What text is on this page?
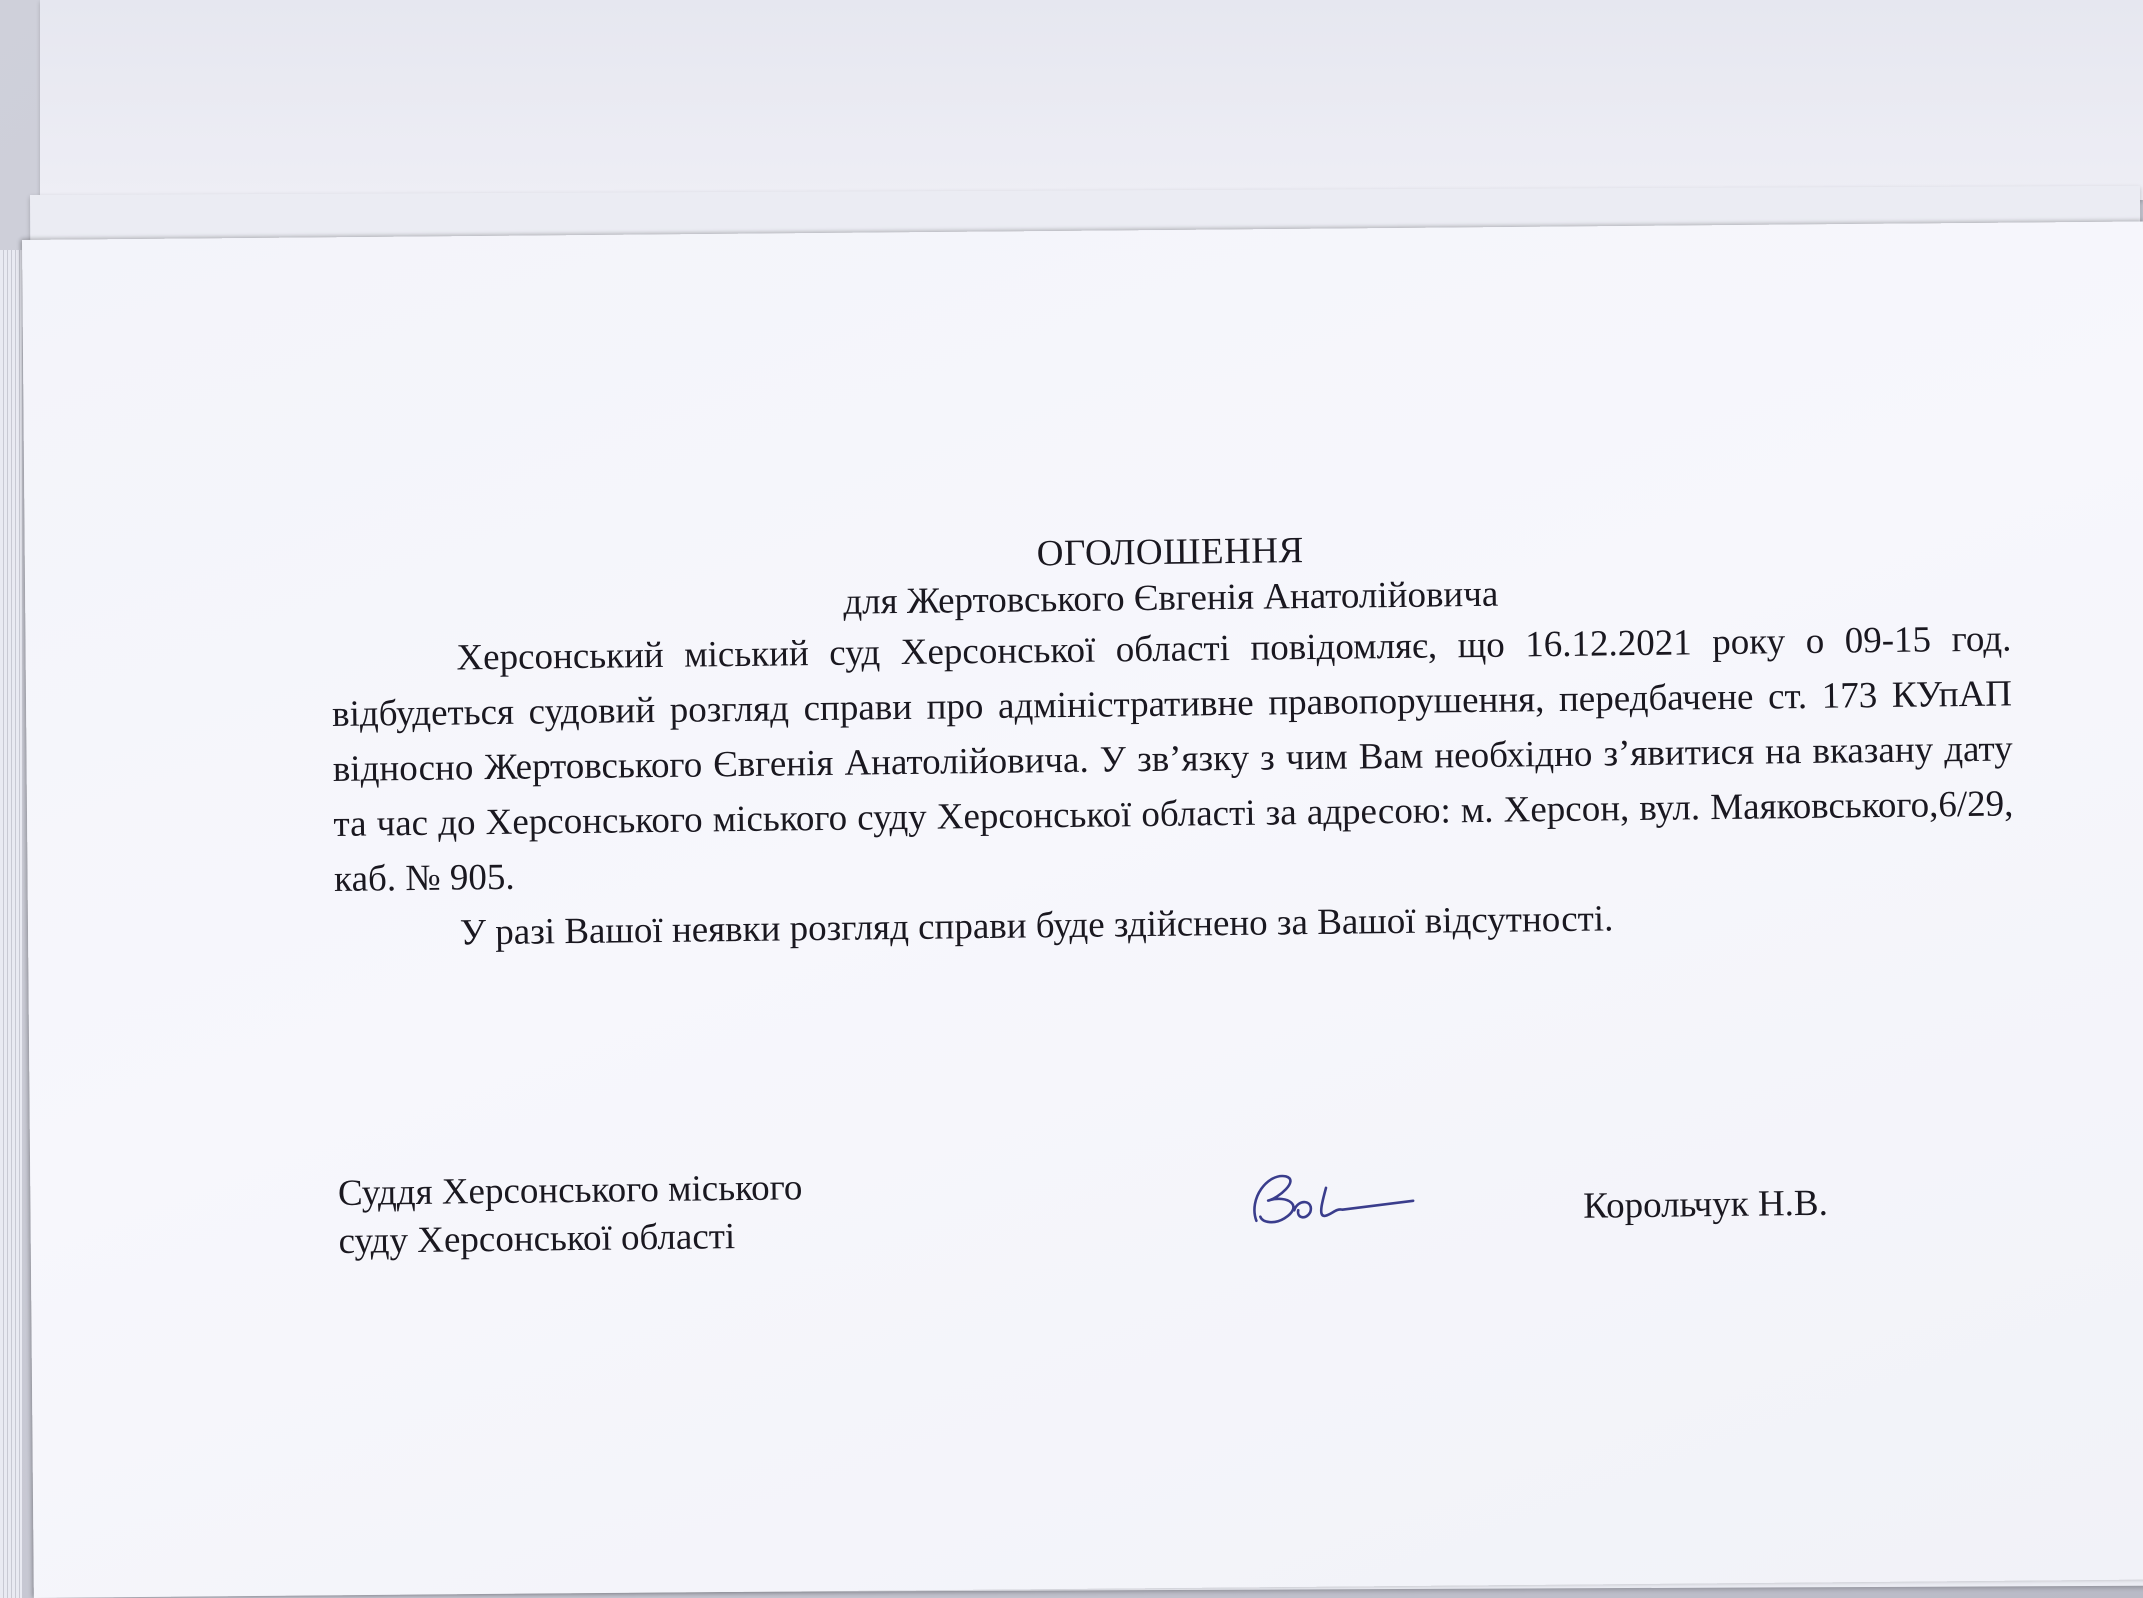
ОГОЛОШЕННЯ

для Жертовського Євгенія Анатолійовича

Херсонський міський суд Херсонської області повідомляє, що 16.12.2021 року о 09-15 год. відбудеться судовий розгляд справи про адміністративне правопорушення, передбачене ст. 173 КУпАП відносно Жертовського Євгенія Анатолійовича. У зв’язку з чим Вам необхідно з’явитися на вказану дату та час до Херсонського міського суду Херсонської області за адресою: м. Херсон, вул. Маяковського,6/29, каб. № 905.

У разі Вашої неявки розгляд справи буде здійснено за Вашої відсутності.

Суддя Херсонського міського
суду Херсонської області
Корольчук Н.В.
